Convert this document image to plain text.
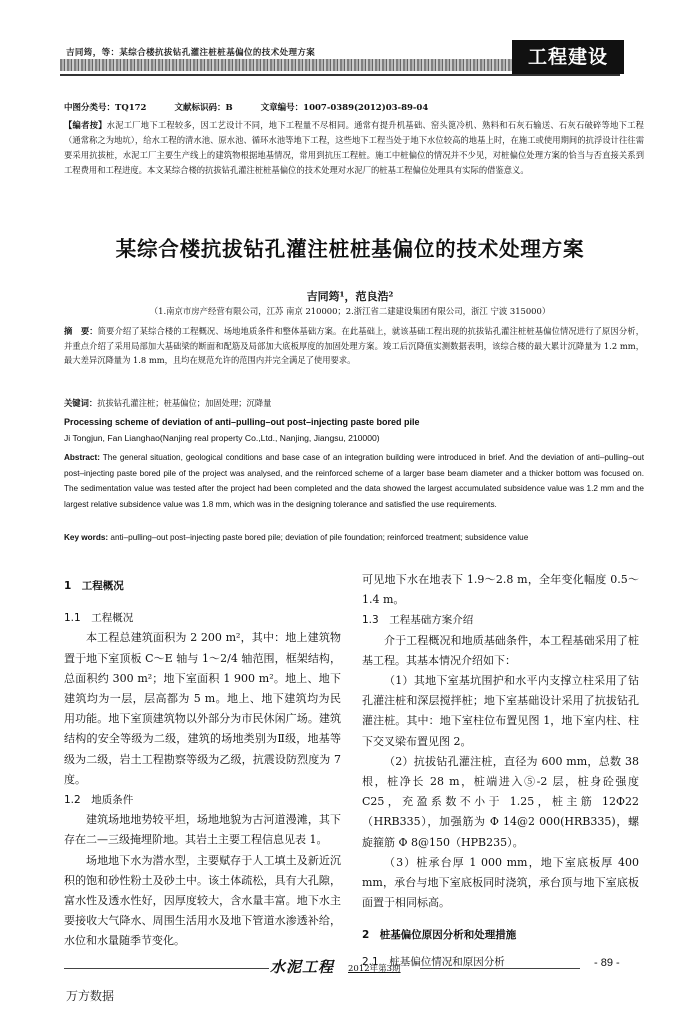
吉同筠，等：某综合楼抗拔钻孔灌注桩桩基偏位的技术处理方案	工程建设
中图分类号：TQ172	文献标识码：B	文章编号：1007-0389(2012)03-89-04
【编者按】水泥工厂地下工程较多，因工艺设计不同，地下工程量不尽相同。通常有提升机基础、窑头篦冷机、熟料和石灰石输送、石灰石破碎等地下工程（通常称之为地坑），给水工程的清水池、原水池、循环水池等地下工程，这些地下工程当处于地下水位较高的地基上时，在施工或使用期间的抗浮设计往往需要采用抗拔桩，水泥工厂主要生产线上的建筑物根据地基情况，常用到抗压工程桩。施工中桩偏位的情况并不少见，对桩偏位处理方案的恰当与否直接关系到工程费用和工程进度。本文某综合楼的抗拔钻孔灌注桩桩基偏位的技术处理对水泥厂的桩基工程偏位处理具有实际的借鉴意义。
某综合楼抗拔钻孔灌注桩桩基偏位的技术处理方案
吉同筠¹，范良浩²
（1.南京市房产经营有限公司，江苏 南京 210000；2.浙江省二建建设集团有限公司，浙江 宁波 315000）
摘　要：简要介绍了某综合楼的工程概况、场地地质条件和整体基础方案。在此基础上，就该基础工程出现的抗拔钻孔灌注桩桩基偏位情况进行了原因分析，并重点介绍了采用局部加大基础梁的断面和配筋及局部加大底板厚度的加固处理方案。竣工后沉降值实测数据表明，该综合楼的最大累计沉降量为 1.2 mm，最大差异沉降量为 1.8 mm，且均在规范允许的范围内并完全满足了使用要求。
关键词：抗拔钻孔灌注桩；桩基偏位；加固处理；沉降量
Processing scheme of deviation of anti–pulling–out post–injecting paste bored pile
Ji Tongjun, Fan Lianghao(Nanjing real property Co.,Ltd., Nanjing, Jiangsu, 210000)
Abstract: The general situation, geological conditions and base case of an integration building were introduced in brief. And the deviation of anti–pulling–out post–injecting paste bored pile of the project was analysed, and the reinforced scheme of a larger base beam diameter and a thicker bottom was focused on. The sedimentation value was tested after the project had been completed and the data showed the largest accumulated subsidence value was 1.2 mm and the largest relative subsidence value was 1.8 mm, which was in the designing tolerance and satisfied the use requirements.
Key words: anti–pulling–out post–injecting paste bored pile; deviation of pile foundation; reinforced treatment; subsidence value
1　工程概况
1.1　工程概况
本工程总建筑面积为 2 200 m²，其中：地上建筑物置于地下室顶板 C～E 轴与 1～2/4 轴范围，框架结构，总面积约 300 m²；地下室面积 1 900 m²。地上、地下建筑均为一层，层高都为 5 m。地上、地下建筑均为民用功能。地下室顶建筑物以外部分为市民休闲广场。建筑结构的安全等级为二级，建筑的场地类别为Ⅱ级，地基等级为二级，岩土工程勘察等级为乙级，抗震设防烈度为 7 度。
1.2　地质条件
建筑场地地势较平坦，场地地貌为古河道漫滩，其下存在二—三级掩埋阶地。其岩土主要工程信息见表 1。
场地地下水为潜水型，主要赋存于人工填土及新近沉积的饱和砂性粉土及砂土中。该土体疏松，具有大孔隙，富水性及透水性好，因厚度较大，含水量丰富。地下水主要接收大气降水、周围生活用水及地下管道水渗透补给，水位和水量随季节变化。
可见地下水在地表下 1.9～2.8 m，全年变化幅度 0.5～1.4 m。
1.3　工程基础方案介绍
介于工程概况和地质基础条件，本工程基础采用了桩基工程。其基本情况介绍如下：
（1）其地下室基坑围护和水平内支撑立柱采用了钻孔灌注桩和深层搅拌桩；地下室基础设计采用了抗拔钻孔灌注桩。其中：地下室柱位布置见图 1，地下室内柱、柱下交叉梁布置见图 2。
（2）抗拔钻孔灌注桩，直径为 600 mm，总数 38 根，桩净长 28 m，桩端进入⑤-2 层，桩身砼强度 C25，充盈系数不小于 1.25，桩主筋 12Φ22（HRB335），加强筋为 Φ 14@2 000(HRB335)，螺旋箍筋 Φ 8@150（HPB235）。
（3）桩承台厚 1 000 mm，地下室底板厚 400 mm，承台与地下室底板同时浇筑，承台顶与地下室底板面置于相同标高。
2　桩基偏位原因分析和处理措施
2.1　桩基偏位情况和原因分析
水泥工程 2012年第3期	- 89 -
万方数据
